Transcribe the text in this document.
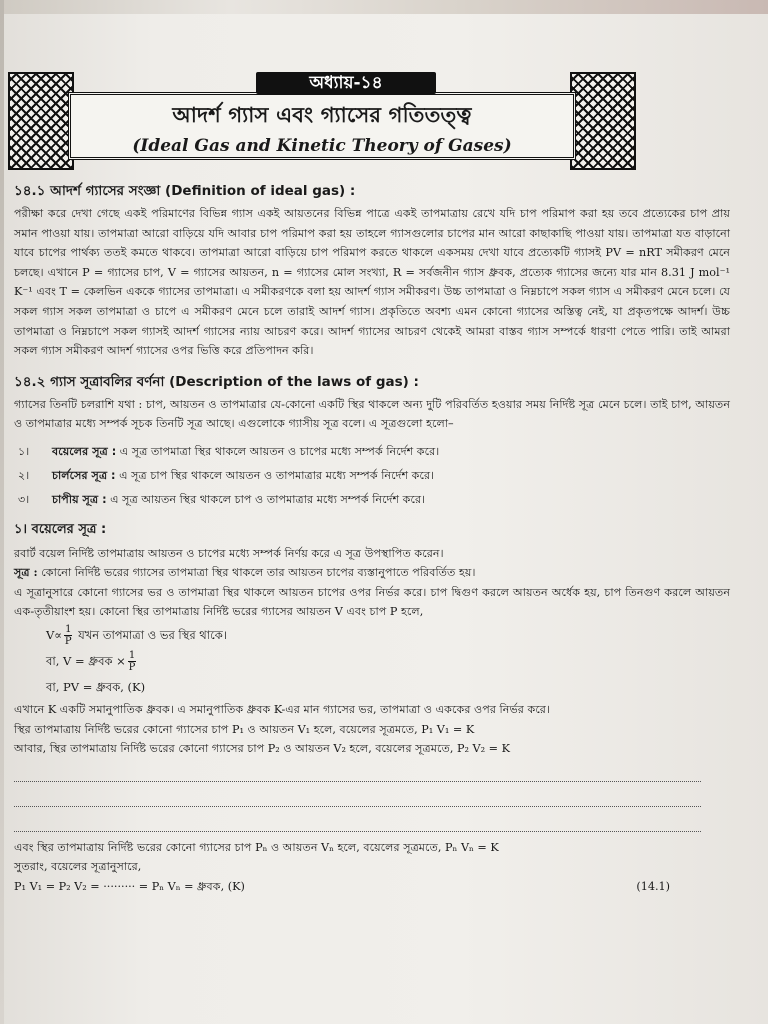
আদর্শ গ্যাস এবং গ্যাসের গতিতত্ত্ব
(Ideal Gas and Kinetic Theory of Gases)
অধ্যায়-১৪
১৪.১ আদর্শ গ্যাসের সংজ্ঞা (Definition of ideal gas) :

পরীক্ষা করে দেখা গেছে একই পরিমাণের বিভিন্ন গ্যাস একই আয়তনের বিভিন্ন পাত্রে একই তাপমাত্রায় রেখে যদি চাপ পরিমাপ করা হয় তবে প্রত্যেকের চাপ প্রায় সমান পাওয়া যায়। তাপমাত্রা আরো বাড়িয়ে যদি আবার চাপ পরিমাপ করা হয় তাহলে গ্যাসগুলোর চাপের মান আরো কাছাকাছি পাওয়া যায়। তাপমাত্রা যত বাড়ানো যাবে চাপের পার্থক্য ততই কমতে থাকবে। তাপমাত্রা আরো বাড়িয়ে চাপ পরিমাপ করতে থাকলে একসময় দেখা যাবে প্রত্যেকটি গ্যাসই PV = nRT সমীকরণ মেনে চলছে। এখানে P = গ্যাসের চাপ, V = গ্যাসের আয়তন, n = গ্যাসের মোল সংখ্যা, R = সর্বজনীন গ্যাস ধ্রুবক, প্রত্যেক গ্যাসের জন্যে যার মান 8.31 J mol⁻¹ K⁻¹ এবং T = কেলভিন এককে গ্যাসের তাপমাত্রা। এ সমীকরণকে বলা হয় আদর্শ গ্যাস সমীকরণ। উচ্চ তাপমাত্রা ও নিম্নচাপে সকল গ্যাস এ সমীকরণ মেনে চলে। যে সকল গ্যাস সকল তাপমাত্রা ও চাপে এ সমীকরণ মেনে চলে তারাই আদর্শ গ্যাস। প্রকৃতিতে অবশ্য এমন কোনো গ্যাসের অস্তিত্ব নেই, যা প্রকৃতপক্ষে আদর্শ। উচ্চ তাপমাত্রা ও নিম্নচাপে সকল গ্যাসই আদর্শ গ্যাসের ন্যায় আচরণ করে। আদর্শ গ্যাসের আচরণ থেকেই আমরা বাস্তব গ্যাস সম্পর্কে ধারণা পেতে পারি। তাই আমরা সকল গ্যাস সমীকরণ আদর্শ গ্যাসের ওপর ভিত্তি করে প্রতিপাদন করি।

১৪.২ গ্যাস সূত্রাবলির বর্ণনা (Description of the laws of gas) :

গ্যাসের তিনটি চলরাশি যথা : চাপ, আয়তন ও তাপমাত্রার যে-কোনো একটি স্থির থাকলে অন্য দুটি পরিবর্তিত হওয়ার সময় নির্দিষ্ট সূত্র মেনে চলে। তাই চাপ, আয়তন ও তাপমাত্রার মধ্যে সম্পর্ক সূচক তিনটি সূত্র আছে। এগুলোকে গ্যাসীয় সূত্র বলে। এ সূত্রগুলো হলো–

১।	বয়েলের সূত্র : এ সূত্র তাপমাত্রা স্থির থাকলে আয়তন ও চাপের মধ্যে সম্পর্ক নির্দেশ করে।
২।	চার্লসের সূত্র : এ সূত্র চাপ স্থির থাকলে আয়তন ও তাপমাত্রার মধ্যে সম্পর্ক নির্দেশ করে।
৩।	চাপীয় সূত্র : এ সূত্র আয়তন স্থির থাকলে চাপ ও তাপমাত্রার মধ্যে সম্পর্ক নির্দেশ করে।
১। বয়েলের সূত্র :

রবার্ট বয়েল নির্দিষ্ট তাপমাত্রায় আয়তন ও চাপের মধ্যে সম্পর্ক নির্ণয় করে এ সূত্র উপস্থাপিত করেন।

সূত্র : কোনো নির্দিষ্ট ভরের গ্যাসের তাপমাত্রা স্থির থাকলে তার আয়তন চাপের ব্যস্তানুপাতে পরিবর্তিত হয়।

এ সূত্রানুসারে কোনো গ্যাসের ভর ও তাপমাত্রা স্থির থাকলে আয়তন চাপের ওপর নির্ভর করে। চাপ দ্বিগুণ করলে আয়তন অর্ধেক হয়, চাপ তিনগুণ করলে আয়তন এক-তৃতীয়াংশ হয়। কোনো স্থির তাপমাত্রায় নির্দিষ্ট ভরের গ্যাসের আয়তন V এবং চাপ P হলে,

$V\propto \frac{1}{P}$ যখন তাপমাত্রা ও ভর স্থির থাকে।
বা, V = ধ্রুবক × $\frac{1}{P}$
বা, PV = ধ্রুবক, (K)

এখানে K একটি সমানুপাতিক ধ্রুবক। এ সমানুপাতিক ধ্রুবক K-এর মান গ্যাসের ভর, তাপমাত্রা ও এককের ওপর নির্ভর করে।

স্থির তাপমাত্রায় নির্দিষ্ট ভরের কোনো গ্যাসের চাপ P₁ ও আয়তন V₁ হলে, বয়েলের সূত্রমতে, P₁ V₁ = K

আবার, স্থির তাপমাত্রায় নির্দিষ্ট ভরের কোনো গ্যাসের চাপ P₂ ও আয়তন V₂ হলে, বয়েলের সূত্রমতে, P₂ V₂ = K

এবং স্থির তাপমাত্রায় নির্দিষ্ট ভরের কোনো গ্যাসের চাপ Pₙ ও আয়তন Vₙ হলে, বয়েলের সূত্রমতে, Pₙ Vₙ = K

সুতরাং, বয়েলের সূত্রানুসারে,

P₁ V₁ = P₂ V₂ = ········· = Pₙ Vₙ = ধ্রুবক, (K)	(14.1)
